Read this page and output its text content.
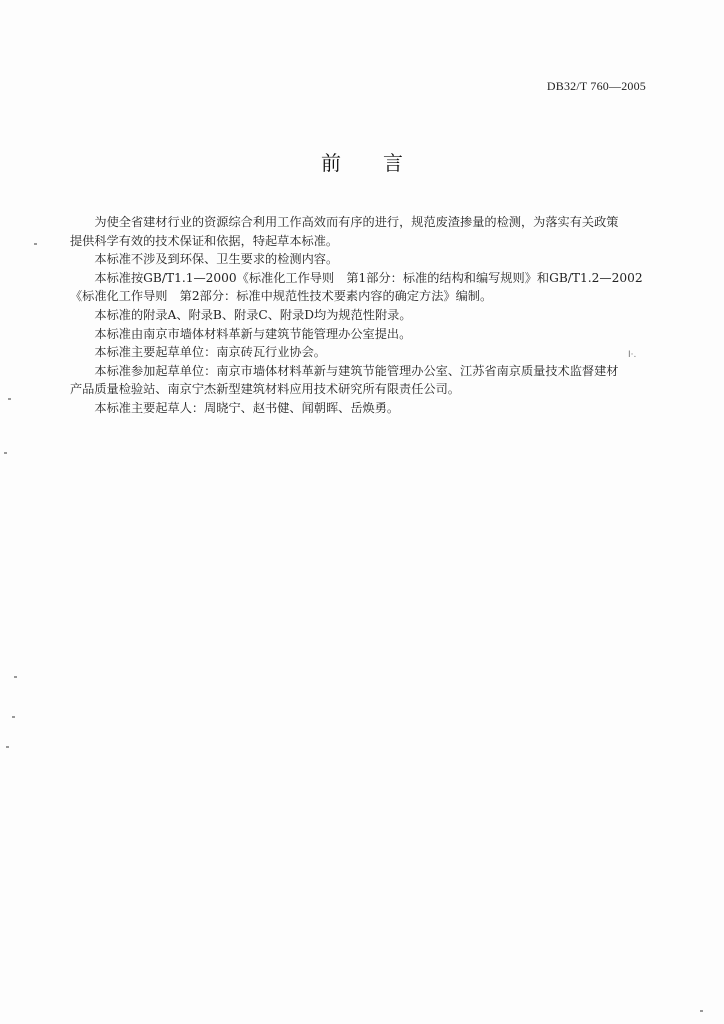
DB32/T 760—2005
前言

为使全省建材行业的资源综合利用工作高效而有序的进行，规范废渣掺量的检测，为落实有关政策
提供科学有效的技术保证和依据，特起草本标准。

本标准不涉及到环保、卫生要求的检测内容。

本标准按GB/T1.1—2000《标准化工作导则　第1部分：标准的结构和编写规则》和GB/T1.2—2002
《标准化工作导则　第2部分：标准中规范性技术要素内容的确定方法》编制。

本标准的附录A、附录B、附录C、附录D均为规范性附录。

本标准由南京市墙体材料革新与建筑节能管理办公室提出。

本标准主要起草单位：南京砖瓦行业协会。

本标准参加起草单位：南京市墙体材料革新与建筑节能管理办公室、江苏省南京质量技术监督建材
产品质量检验站、南京宁杰新型建筑材料应用技术研究所有限责任公司。

本标准主要起草人：周晓宁、赵书健、闻朝晖、岳焕勇。

I·.
